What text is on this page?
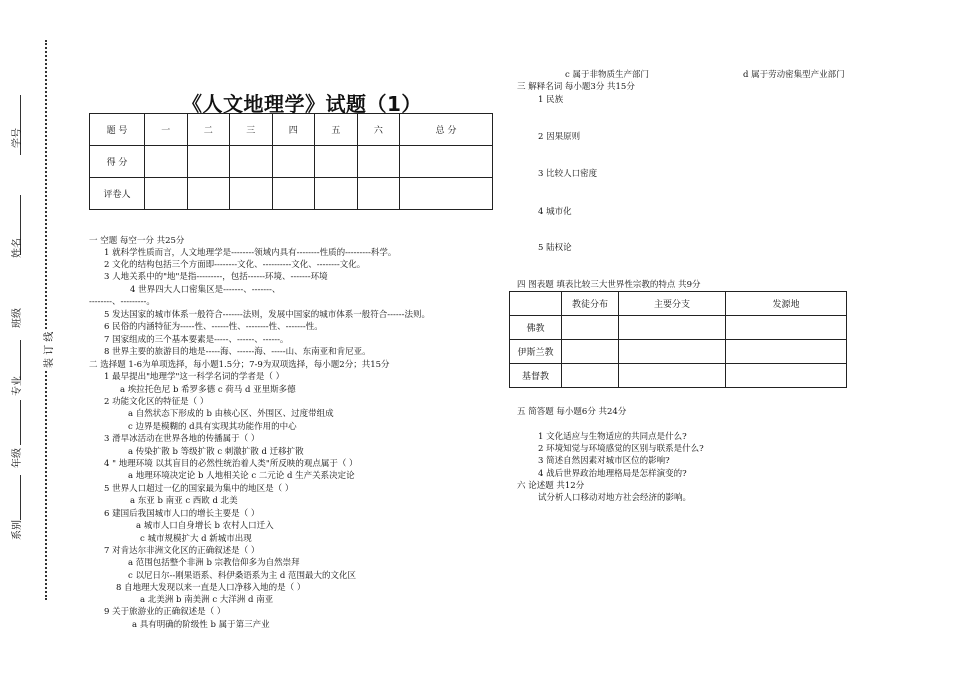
学号
姓名
班级
装 订 线
专业
年级
系别
《人文地理学》试题（1）
题 号	一	二	三	四	五	六	总 分
得 分							
评卷人							
一 空题 每空一分 共25分
1 就科学性质而言，人文地理学是--------领域内具有--------性质的---------科学。
2 文化的结构包括三个方面即--------文化、----------文化、--------文化。
3 人地关系中的"地"是指---------，包括------环境、-------环境
4 世界四大人口密集区是-------、-------、
--------、---------。
5 发达国家的城市体系一般符合-------法则，发展中国家的城市体系一般符合------法则。
6 民俗的内涵特征为-----性、------性、--------性、-------性。
7 国家组成的三个基本要素是-----、------、------。
8 世界主要的旅游目的地是-----海、------海、-----山、东南亚和肯尼亚。
二 选择题 1-6为单项选择，每小题1.5分；7-9为双项选择，每小题2分；共15分
1 最早提出"地理学"这一科学名词的学者是（ ）
a 埃拉托色尼 b 希罗多德 c 荷马 d 亚里斯多德
2 功能文化区的特征是（ ）
a 自然状态下形成的 b 由核心区、外围区、过度带组成
c 边界是模糊的 d具有实现其功能作用的中心
3 滑旱冰活动在世界各地的传播属于（ ）
a 传染扩散 b 等级扩散 c 刺激扩散 d 迁移扩散
4 " 地理环境 以其盲目的必然性统治着人类"所反映的观点属于（ ）
a 地理环境决定论 b 人地相关论 c 二元论 d 生产关系决定论
5 世界人口超过一亿的国家最为集中的地区是（ ）
a 东亚 b 南亚 c 西欧 d 北美
6 建国后我国城市人口的增长主要是（ ）
a 城市人口自身增长 b 农村人口迁入
c 城市规模扩大 d 新城市出现
7 对肯达尔非洲文化区的正确叙述是（ ）
a 范围包括整个非洲 b 宗教信仰多为自然崇拜
c 以尼日尔--刚果语系、科伊桑语系为主 d 范围最大的文化区
8 自地理大发现以来一直是人口净移入地的是（ ）
a 北美洲 b 南美洲 c 大洋洲 d 南亚
9 关于旅游业的正确叙述是（ ）
a 具有明确的阶级性 b 属于第三产业
c 属于非物质生产部门	d 属于劳动密集型产业部门
三 解释名词 每小题3分 共15分
1 民族
2 因果原则
3 比较人口密度
4 城市化
5 陆权论
四 图表题 填表比较三大世界性宗教的特点 共9分
	教徒分布	主要分支	发源地
佛教			
伊斯兰教			
基督教			
五 简答题 每小题6分 共24分
1 文化适应与生物适应的共同点是什么?
2 环境知觉与环境感觉的区别与联系是什么?
3 简述自然因素对城市区位的影响?
4 战后世界政治地理格局是怎样演变的?
六 论述题 共12分
试分析人口移动对地方社会经济的影响。
